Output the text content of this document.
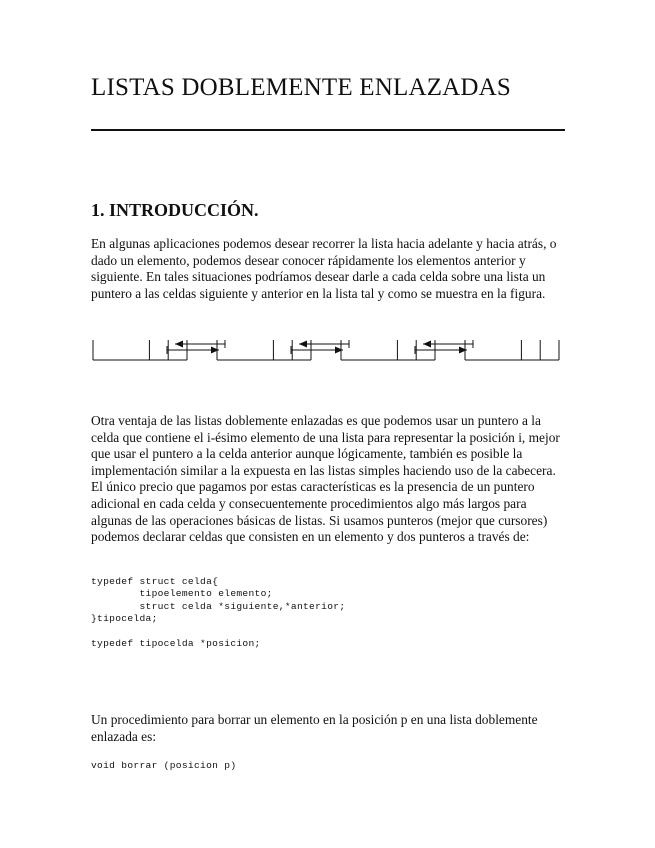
LISTAS DOBLEMENTE ENLAZADAS
1. INTRODUCCIÓN.

En algunas aplicaciones podemos desear recorrer la lista hacia adelante y hacia atrás, o dado un elemento, podemos desear conocer rápidamente los elementos anterior y siguiente. En tales situaciones podríamos desear darle a cada celda sobre una lista un puntero a las celdas siguiente y anterior en la lista tal y como se muestra en la figura.

Otra ventaja de las listas doblemente enlazadas es que podemos usar un puntero a la celda que contiene el i-ésimo elemento de una lista para representar la posición i, mejor que usar el puntero a la celda anterior aunque lógicamente, también es posible la implementación similar a la expuesta en las listas simples haciendo uso de la cabecera. El único precio que pagamos por estas características es la presencia de un puntero adicional en cada celda y consecuentemente procedimientos algo más largos para algunas de las operaciones básicas de listas. Si usamos punteros (mejor que cursores) podemos declarar celdas que consisten en un elemento y dos punteros a través de:

typedef struct celda{
tipoelemento elemento;
struct celda *siguiente,*anterior;
}tipocelda;

typedef tipocelda *posicion;

Un procedimiento para borrar un elemento en la posición p en una lista doblemente enlazada es:

void borrar (posicion p)
